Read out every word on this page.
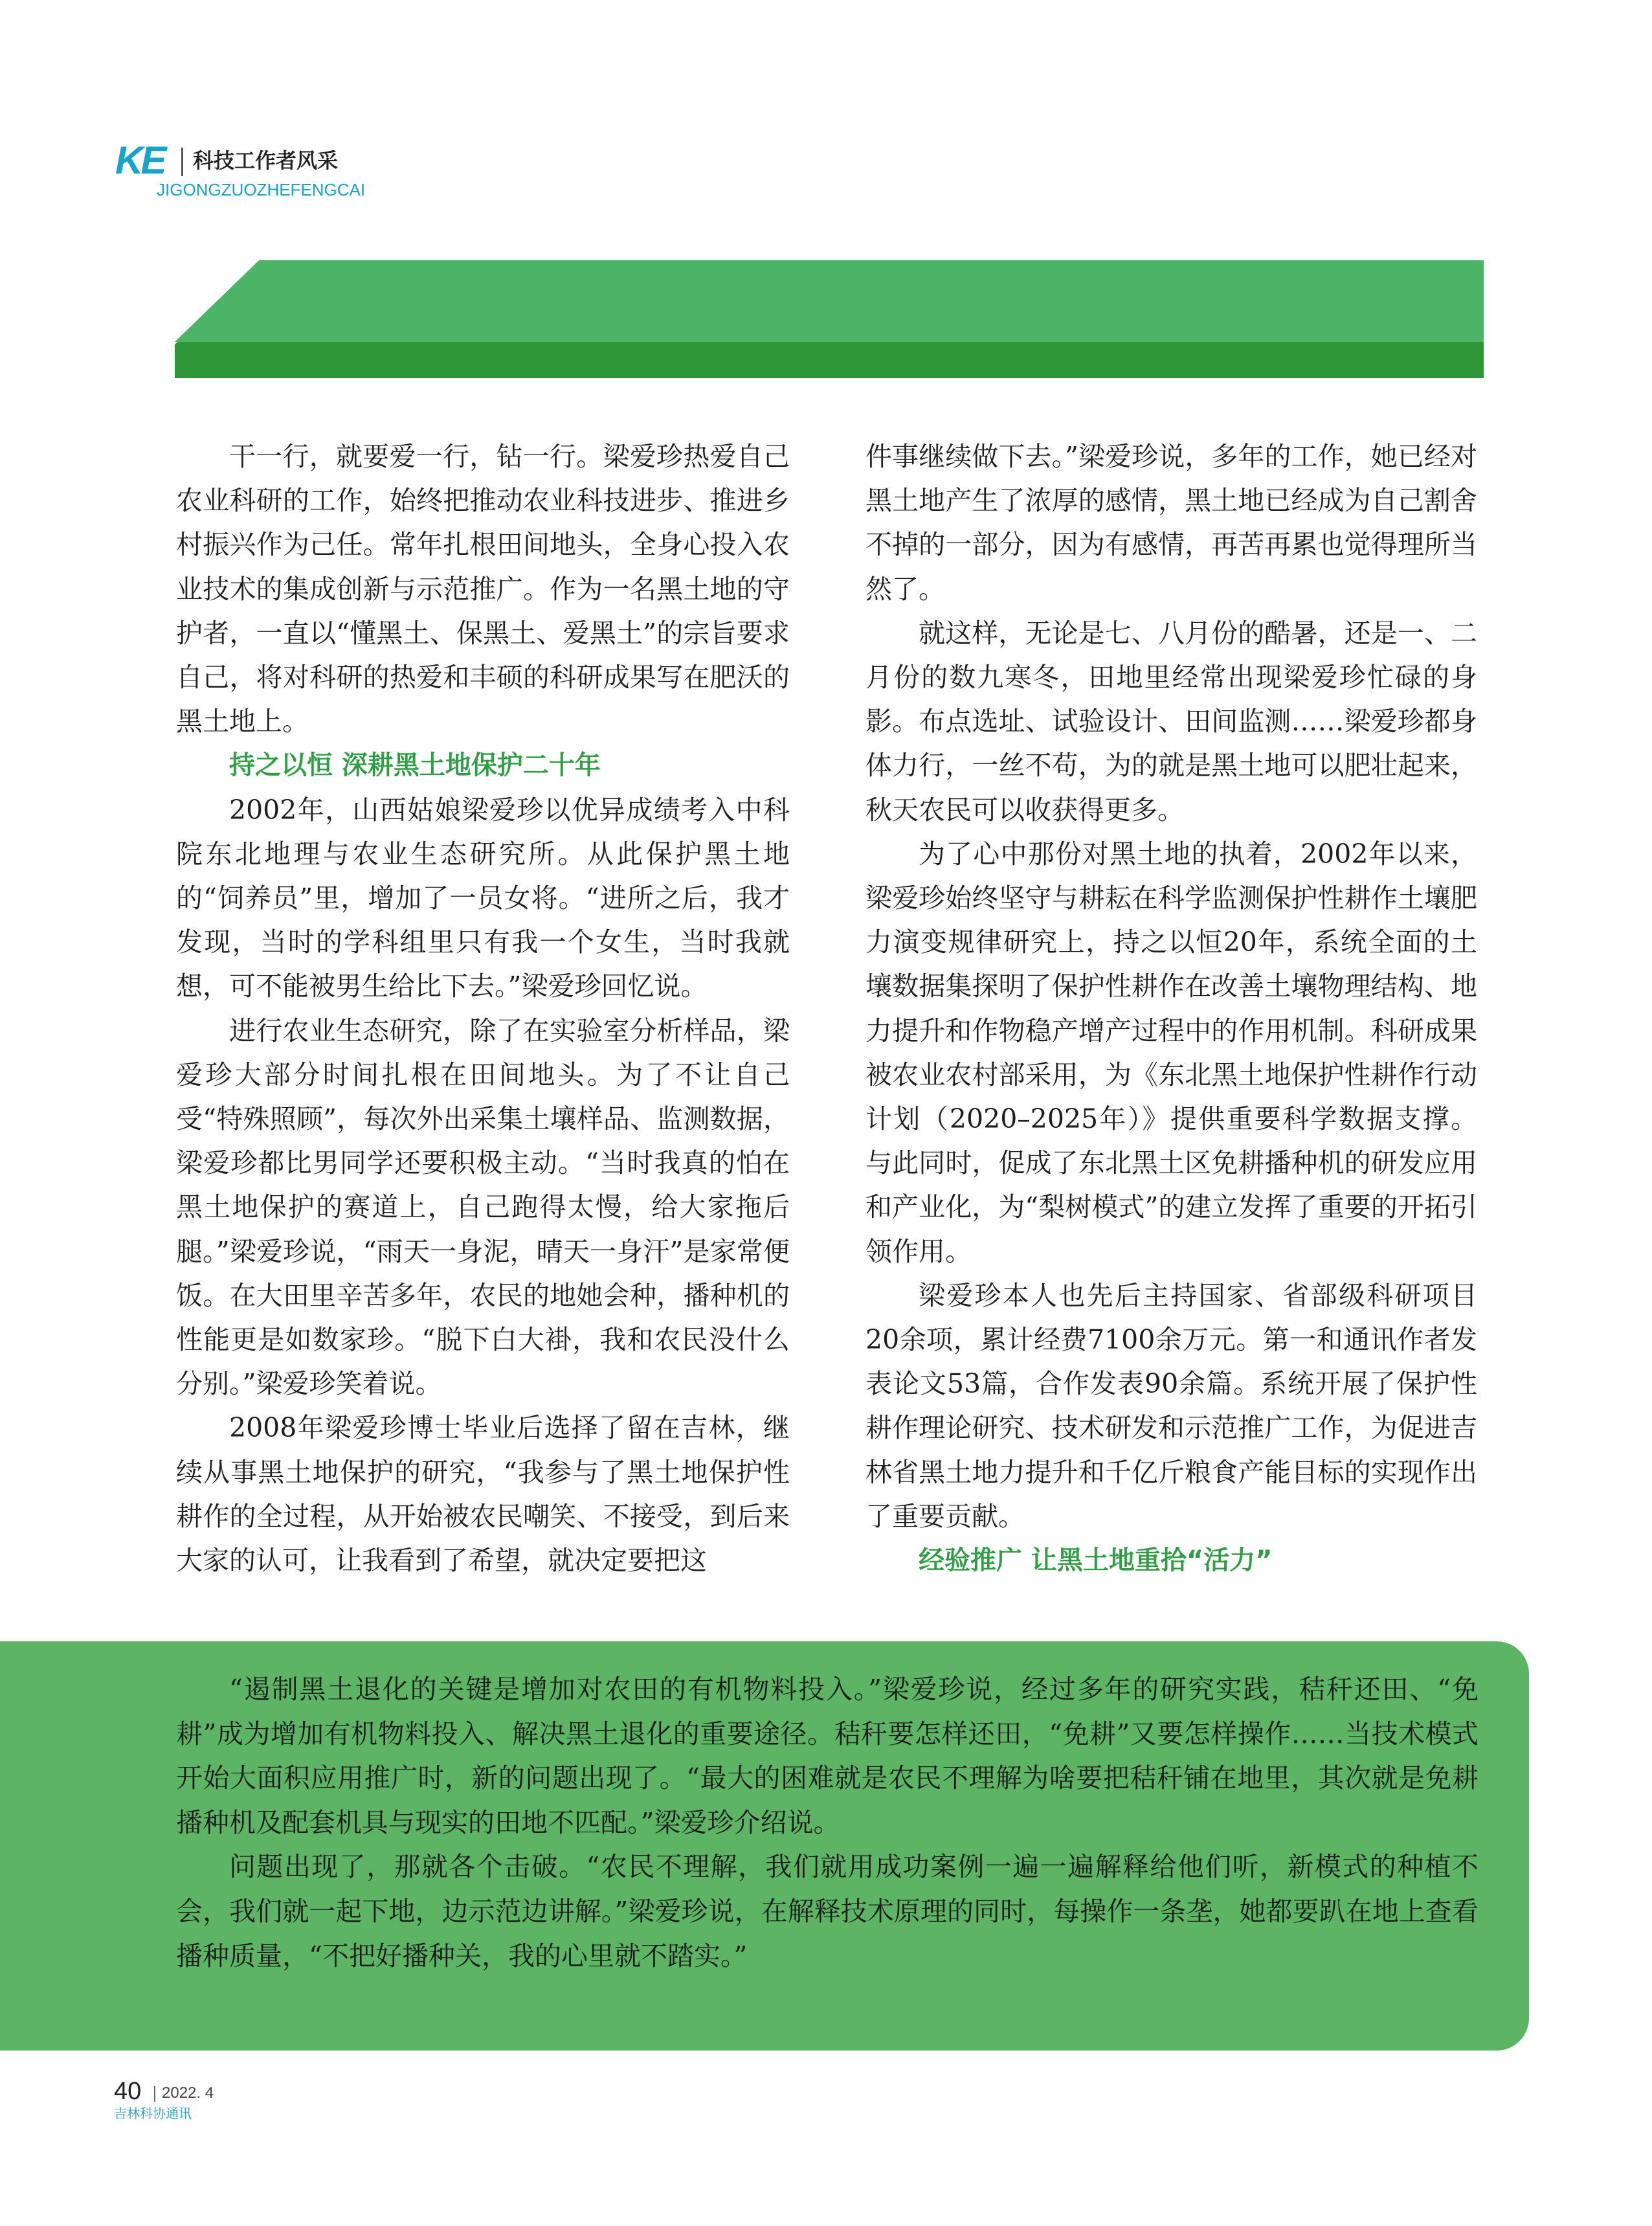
KE 科技工作者风采
JIGONGZUOZHEFENGCAI

干一行，就要爱一行，钻一行。梁爱珍热爱自己农业科研的工作，始终把推动农业科技进步、推进乡村振兴作为己任。常年扎根田间地头，全身心投入农业技术的集成创新与示范推广。作为一名黑土地的守护者，一直以“懂黑土、保黑土、爱黑土”的宗旨要求自己，将对科研的热爱和丰硕的科研成果写在肥沃的黑土地上。

持之以恒 深耕黑土地保护二十年

2002年，山西姑娘梁爱珍以优异成绩考入中科院东北地理与农业生态研究所。从此保护黑土地的“饲养员”里，增加了一员女将。“进所之后，我才发现，当时的学科组里只有我一个女生，当时我就想，可不能被男生给比下去。”梁爱珍回忆说。

进行农业生态研究，除了在实验室分析样品，梁爱珍大部分时间扎根在田间地头。为了不让自己受“特殊照顾”，每次外出采集土壤样品、监测数据，梁爱珍都比男同学还要积极主动。“当时我真的怕在黑土地保护的赛道上，自己跑得太慢，给大家拖后腿。”梁爱珍说，“雨天一身泥，晴天一身汗”是家常便饭。在大田里辛苦多年，农民的地她会种，播种机的性能更是如数家珍。“脱下白大褂，我和农民没什么分别。”梁爱珍笑着说。

2008年梁爱珍博士毕业后选择了留在吉林，继续从事黑土地保护的研究，“我参与了黑土地保护性耕作的全过程，从开始被农民嘲笑、不接受，到后来大家的认可，让我看到了希望，就决定要把这

件事继续做下去。”梁爱珍说，多年的工作，她已经对黑土地产生了浓厚的感情，黑土地已经成为自己割舍不掉的一部分，因为有感情，再苦再累也觉得理所当然了。

就这样，无论是七、八月份的酷暑，还是一、二月份的数九寒冬，田地里经常出现梁爱珍忙碌的身影。布点选址、试验设计、田间监测……梁爱珍都身体力行，一丝不苟，为的就是黑土地可以肥壮起来，秋天农民可以收获得更多。

为了心中那份对黑土地的执着，2002年以来，梁爱珍始终坚守与耕耘在科学监测保护性耕作土壤肥力演变规律研究上，持之以恒20年，系统全面的土壤数据集探明了保护性耕作在改善土壤物理结构、地力提升和作物稳产增产过程中的作用机制。科研成果被农业农村部采用，为《东北黑土地保护性耕作行动计划（2020–2025年）》提供重要科学数据支撑。与此同时，促成了东北黑土区免耕播种机的研发应用和产业化，为“梨树模式”的建立发挥了重要的开拓引领作用。

梁爱珍本人也先后主持国家、省部级科研项目20余项，累计经费7100余万元。第一和通讯作者发表论文53篇，合作发表90余篇。系统开展了保护性耕作理论研究、技术研发和示范推广工作，为促进吉林省黑土地力提升和千亿斤粮食产能目标的实现作出了重要贡献。

经验推广 让黑土地重拾“活力”

“遏制黑土退化的关键是增加对农田的有机物料投入。”梁爱珍说，经过多年的研究实践，秸秆还田、“免耕”成为增加有机物料投入、解决黑土退化的重要途径。秸秆要怎样还田，“免耕”又要怎样操作……当技术模式开始大面积应用推广时，新的问题出现了。“最大的困难就是农民不理解为啥要把秸秆铺在地里，其次就是免耕播种机及配套机具与现实的田地不匹配。”梁爱珍介绍说。

问题出现了，那就各个击破。“农民不理解，我们就用成功案例一遍一遍解释给他们听，新模式的种植不会，我们就一起下地，边示范边讲解。”梁爱珍说，在解释技术原理的同时，每操作一条垄，她都要趴在地上查看播种质量，“不把好播种关，我的心里就不踏实。”

40 2022. 4
吉林科协通讯
